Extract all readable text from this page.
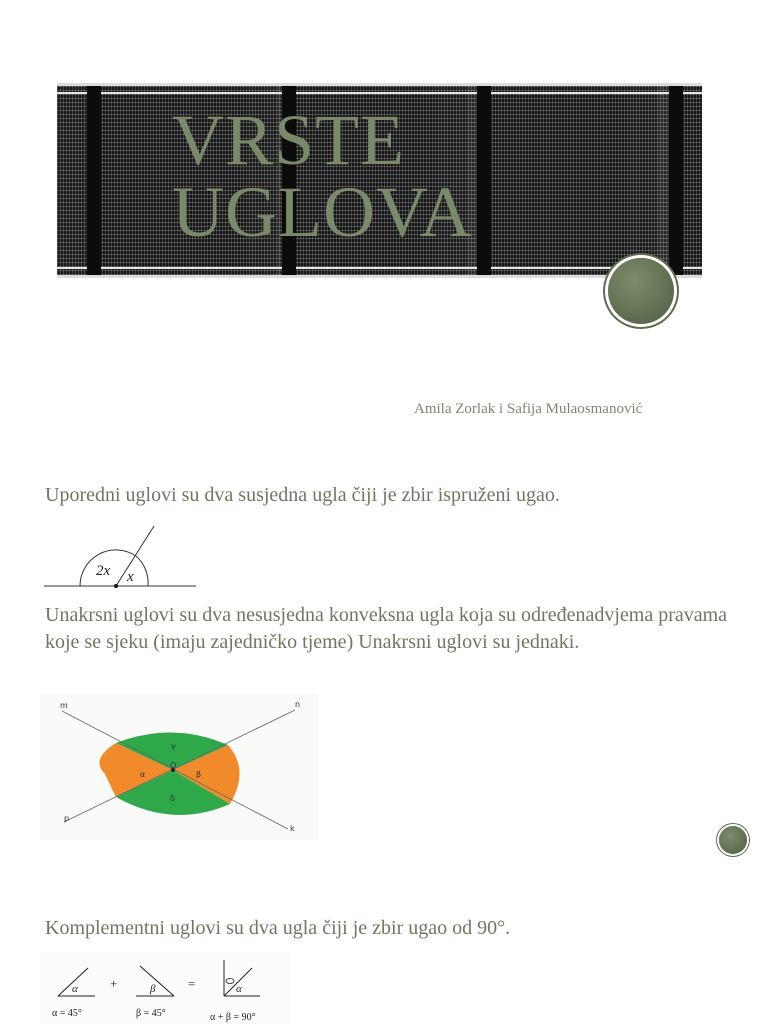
VRSTE
UGLOVA
Amila Zorlak i Safija Mulaosmanović

Uporedni uglovi su dva susjedna ugla čiji je zbir ispruženi ugao.

2x x

Unakrsni uglovi su dva nesusjedna konveksna ugla koja su određenadvjema pravama koje se sjeku (imaju zajedničko tjeme) Unakrsni uglovi su jednaki.

m	n
p
k
α	β
γ
δ
O

Komplementni uglovi su dva ugla čiji je zbir ugao od 90°.

α
α = 45°
+	β
β = 45°
=	α
α + β = 90°
